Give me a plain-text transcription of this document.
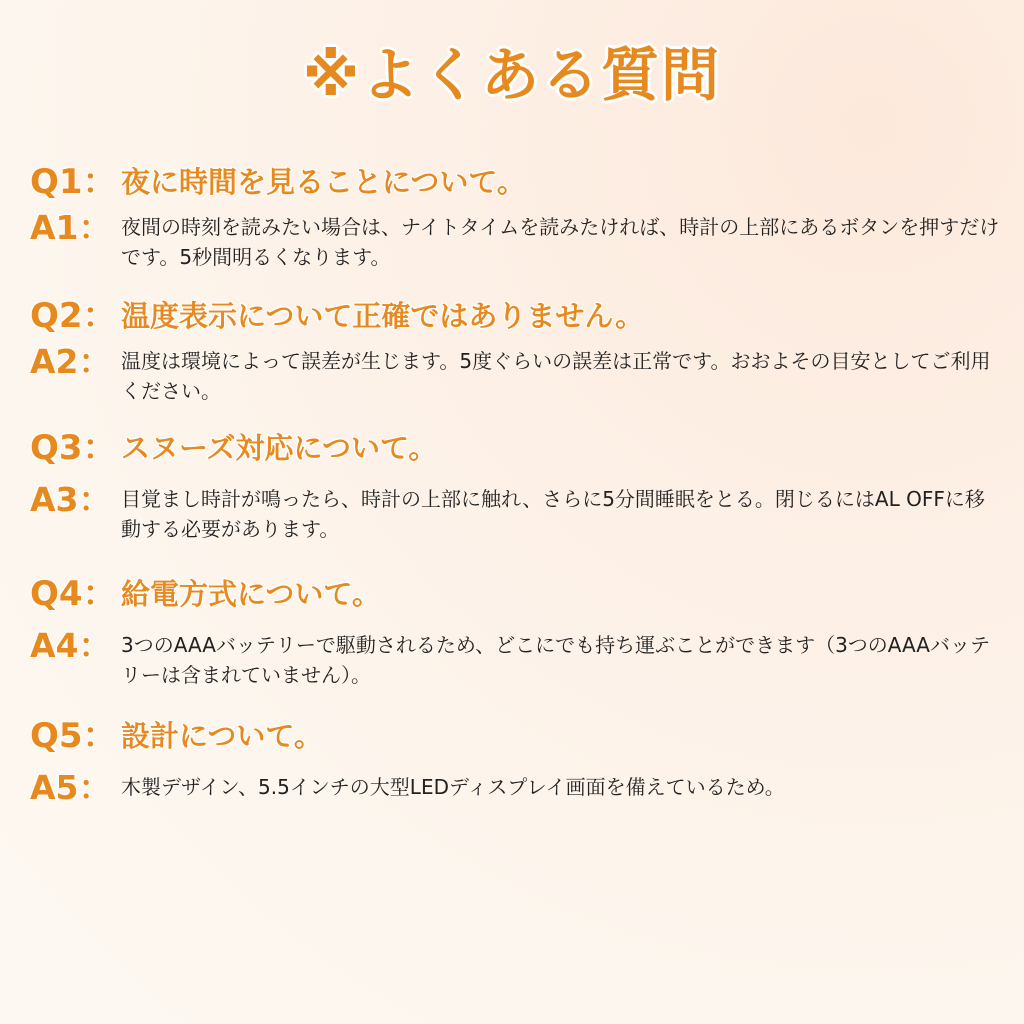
※よくある質問
Q1： 夜に時間を見ることについて。
A1： 夜間の時刻を読みたい場合は、ナイトタイムを読みたければ、時計の上部にあるボタンを押すだけです。5秒間明るくなります。
Q2： 温度表示について正確ではありません。
A2： 温度は環境によって誤差が生じます。5度ぐらいの誤差は正常です。おおよその目安としてご利用ください。
Q3： スヌーズ対応について。
A3： 目覚まし時計が鳴ったら、時計の上部に触れ、さらに5分間睡眠をとる。閉じるにはAL OFFに移動する必要があります。
Q4： 給電方式について。
A4： 3つのAAAバッテリーで駆動されるため、どこにでも持ち運ぶことができます（3つのAAAバッテリーは含まれていません）。
Q5： 設計について。
A5： 木製デザイン、5.5インチの大型LEDディスプレイ画面を備えているため。
